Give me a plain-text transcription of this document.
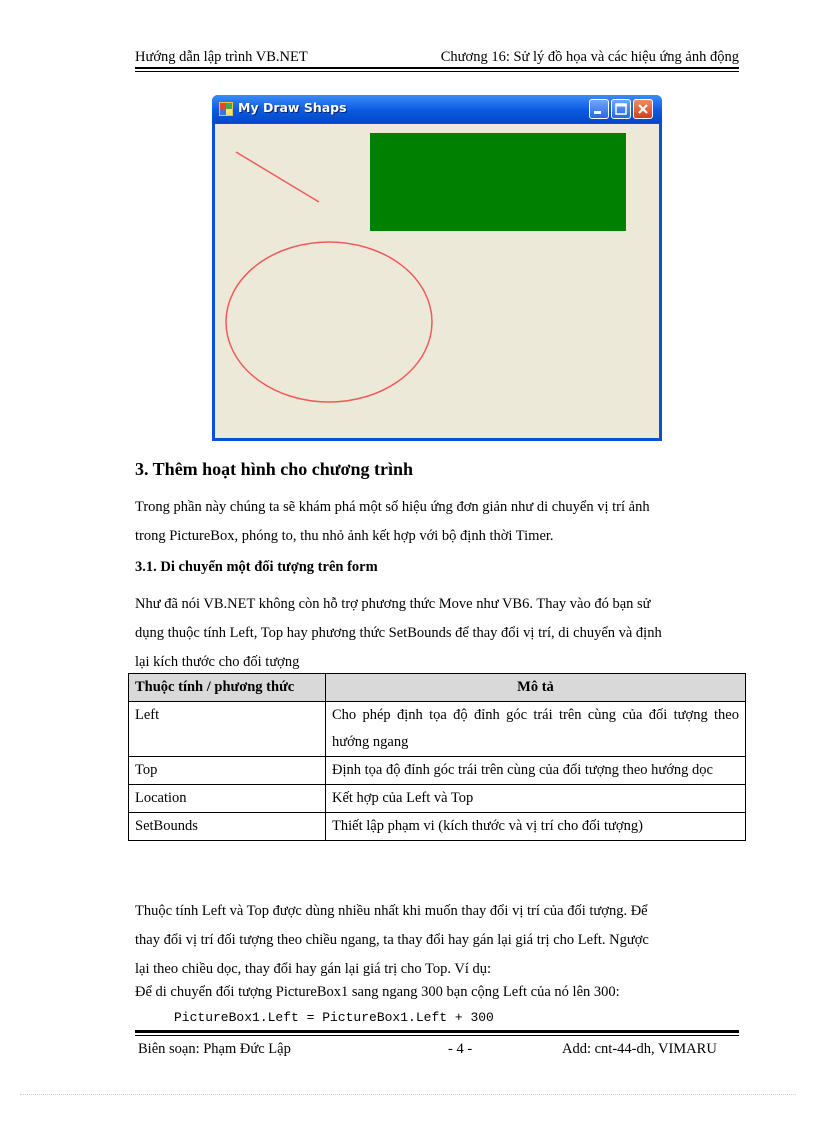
Hướng dẫn lập trình VB.NET	Chương 16: Sử lý đồ họa và các hiệu ứng ảnh động
My Draw Shaps
3. Thêm hoạt hình cho chương trình

Trong phần này chúng ta sẽ khám phá một số hiệu ứng đơn giản như di chuyển vị trí ảnh
trong PictureBox, phóng to, thu nhỏ ảnh kết hợp với bộ định thời Timer.

3.1. Di chuyển một đối tượng trên form

Như đã nói VB.NET không còn hỗ trợ phương thức Move như VB6. Thay vào đó bạn sử
dụng thuộc tính Left, Top hay phương thức SetBounds để thay đổi vị trí, di chuyển và định
lại kích thước cho đối tượng

Thuộc tính / phương thức	Mô tả
Left	Cho phép định tọa độ đỉnh góc trái trên cùng của đối tượng theo hướng ngang
Top	Định tọa độ đỉnh góc trái trên cùng của đối tượng theo hướng dọc
Location	Kết hợp của Left và Top
SetBounds	Thiết lập phạm vi (kích thước và vị trí cho đối tượng)

Thuộc tính Left và Top được dùng nhiều nhất khi muốn thay đổi vị trí của đối tượng. Để
thay đổi vị trí đối tượng theo chiều ngang, ta thay đổi hay gán lại giá trị cho Left. Ngược
lại theo chiều dọc, thay đổi hay gán lại giá trị cho Top. Ví dụ:

Để di chuyển đối tượng PictureBox1 sang ngang 300 bạn cộng Left của nó lên 300:
PictureBox1.Left = PictureBox1.Left + 300
Biên soạn: Phạm Đức Lập	- 4 -	Add: cnt-44-dh, VIMARU
